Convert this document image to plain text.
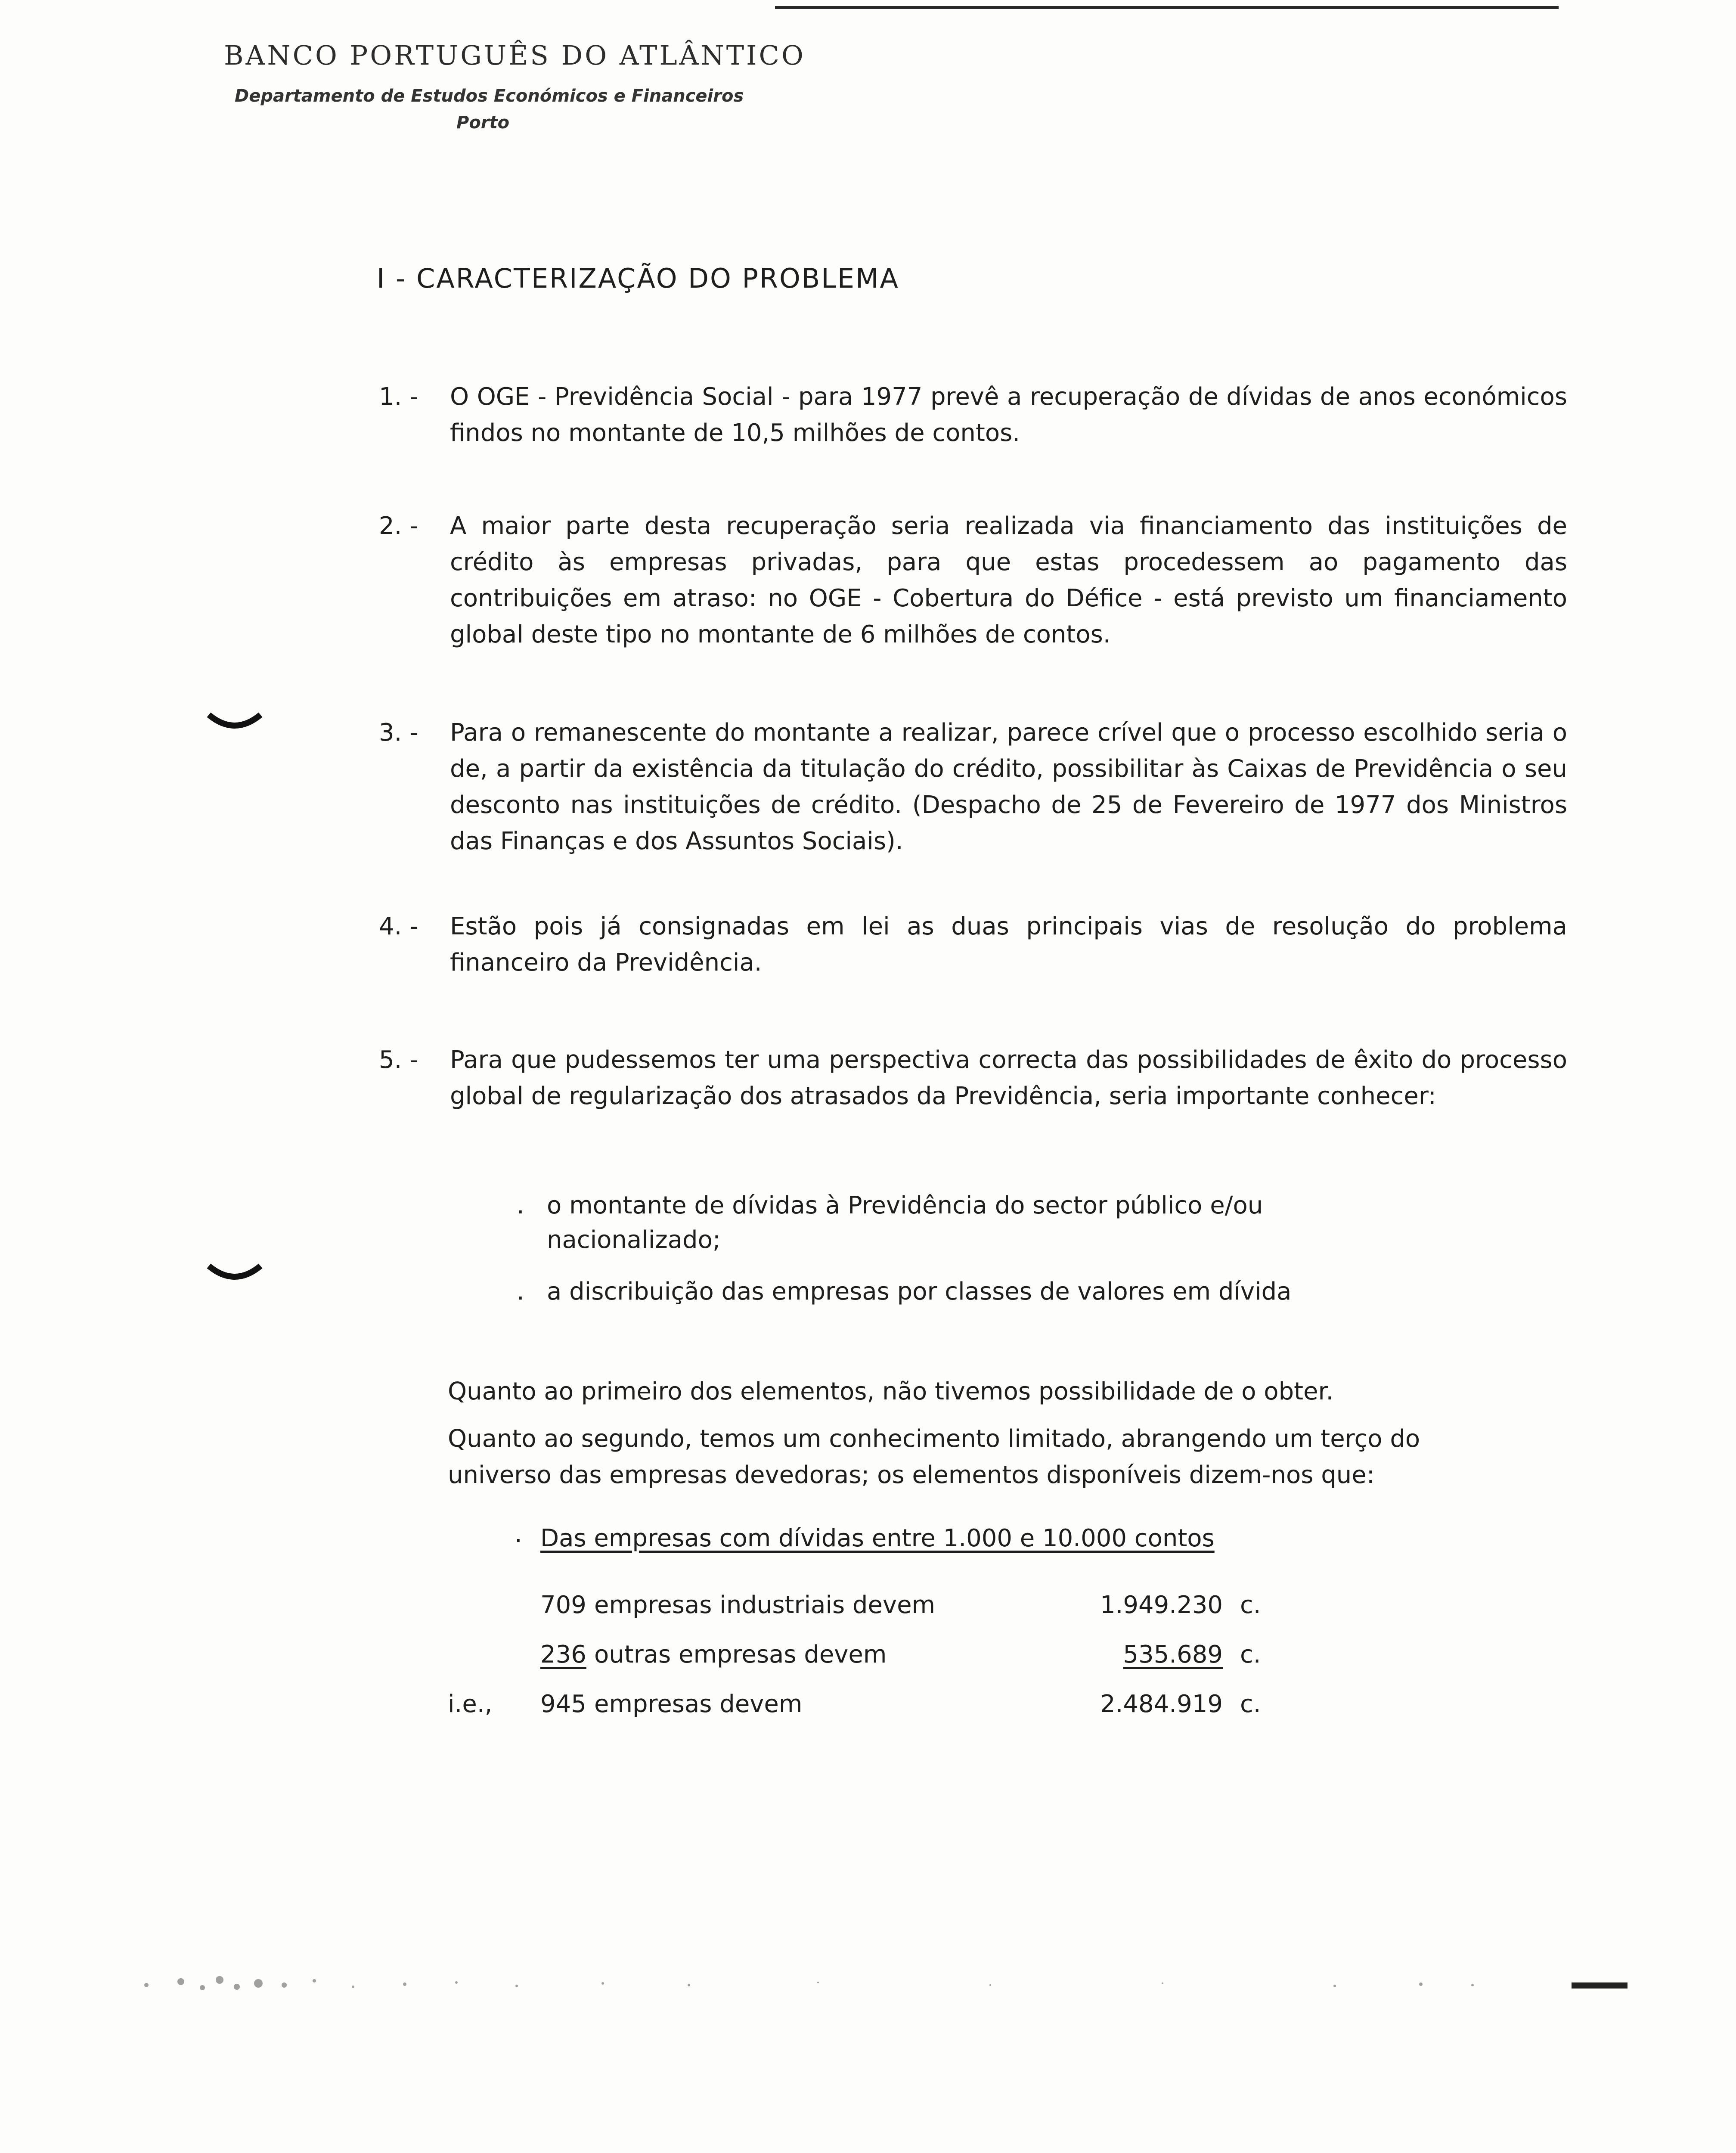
BANCO PORTUGUÊS DO ATLÂNTICO
Departamento de Estudos Económicos e Financeiros
Porto
I - CARACTERIZAÇÃO DO PROBLEMA
1. -	O OGE - Previdência Social - para 1977 prevê a recuperação de dívidas de anos económicos findos no montante de 10,5 milhões de contos.
2. -	A maior parte desta recuperação seria realizada via financiamento das instituições de crédito às empresas privadas, para que estas procedessem ao pagamento das contribuições em atraso: no OGE - Cobertura do Défice - está previsto um financiamento global deste tipo no montante de 6 milhões de contos.
3. -	Para o remanescente do montante a realizar, parece crível que o processo escolhido seria o de, a partir da existência da titulação do crédito, possibilitar às Caixas de Previdência o seu desconto nas instituições de crédito. (Despacho de 25 de Fevereiro de 1977 dos Ministros das Finanças e dos Assuntos Sociais).
4. -	Estão pois já consignadas em lei as duas principais vias de resolução do problema financeiro da Previdência.
5. -	Para que pudessemos ter uma perspectiva correcta das possibilidades de êxito do processo global de regularização dos atrasados da Previdência, seria importante conhecer:
. o montante de dívidas à Previdência do sector público e/ou nacionalizado;
. a discribuição das empresas por classes de valores em dívida
Quanto ao primeiro dos elementos, não tivemos possibilidade de o obter.
Quanto ao segundo, temos um conhecimento limitado, abrangendo um terço do universo das empresas devedoras; os elementos disponíveis dizem-nos que:
. Das empresas com dívidas entre 1.000 e 10.000 contos
709 empresas industriais devem	1.949.230 c.
236 outras empresas devem	535.689 c.
i.e., 945 empresas devem	2.484.919 c.
